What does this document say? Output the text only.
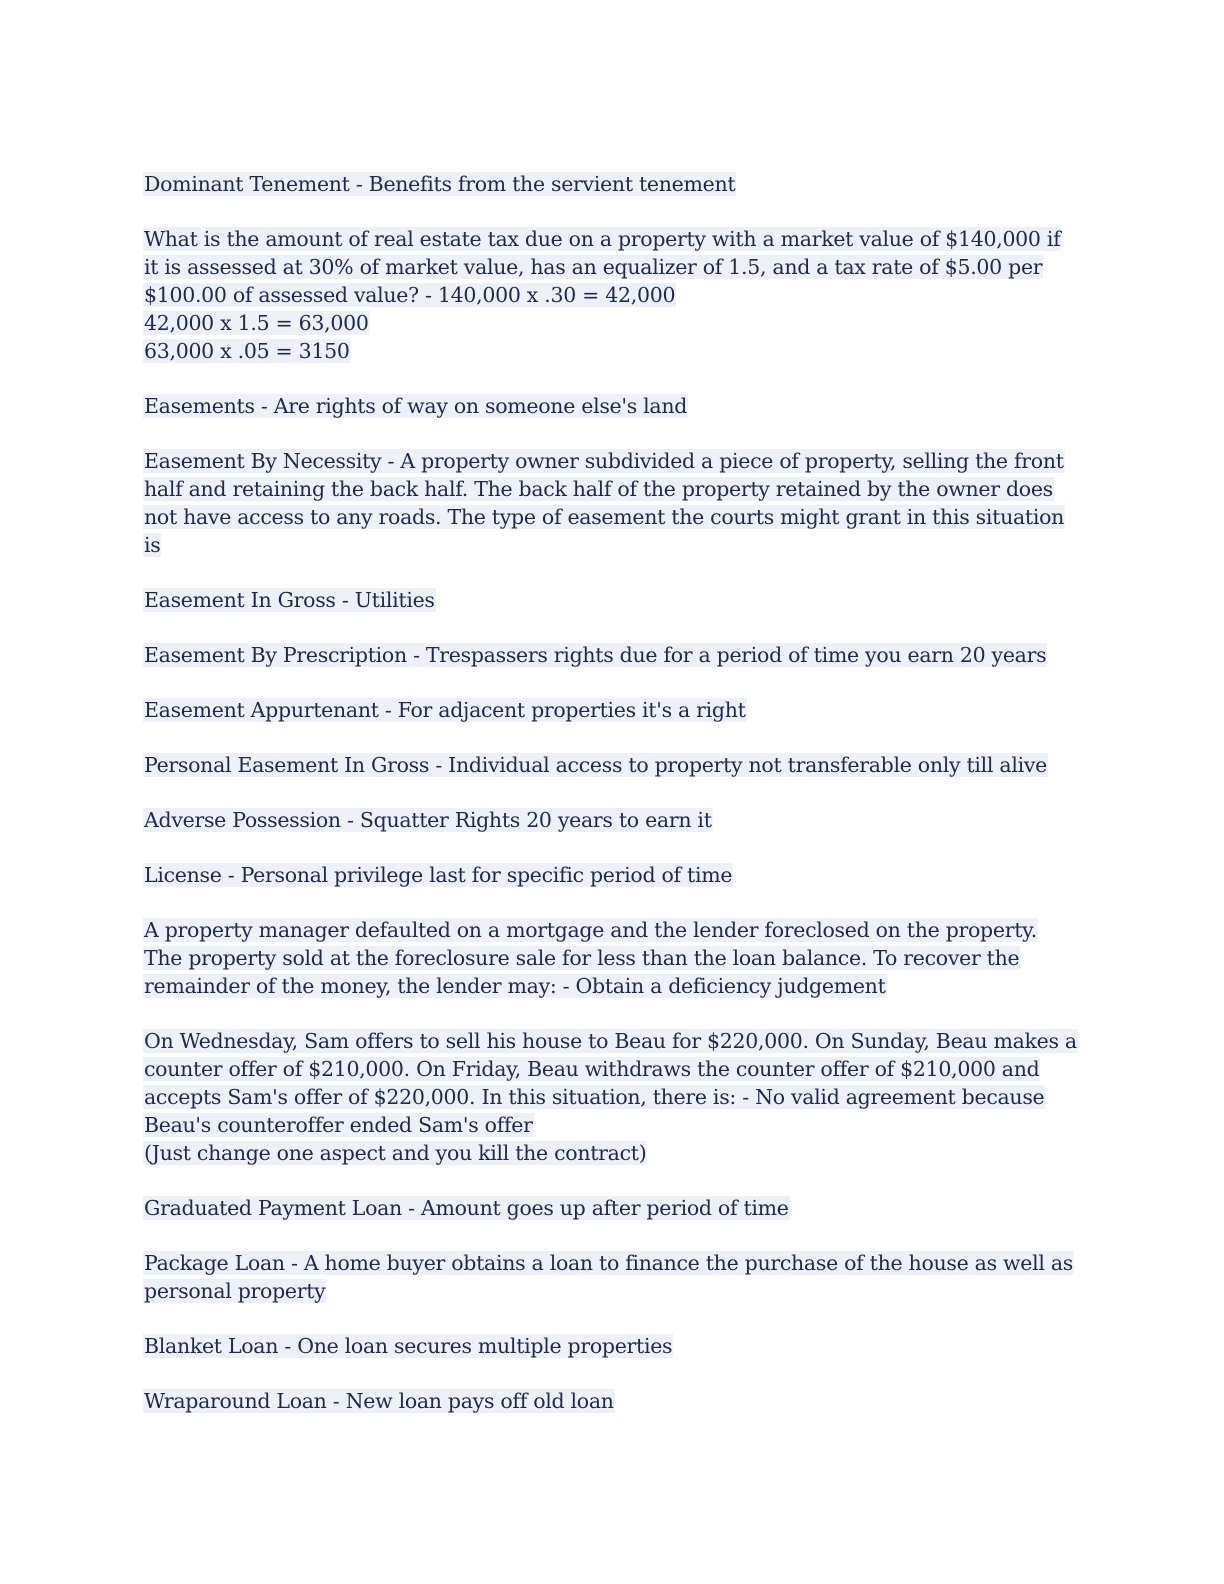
Dominant Tenement - Benefits from the servient tenement
What is the amount of real estate tax due on a property with a market value of $140,000 if
it is assessed at 30% of market value, has an equalizer of 1.5, and a tax rate of $5.00 per
$100.00 of assessed value? - 140,000 x .30 = 42,000
42,000 x 1.5 = 63,000
63,000 x .05 = 3150
Easements - Are rights of way on someone else's land
Easement By Necessity - A property owner subdivided a piece of property, selling the front
half and retaining the back half. The back half of the property retained by the owner does
not have access to any roads. The type of easement the courts might grant in this situation
is
Easement In Gross - Utilities
Easement By Prescription - Trespassers rights due for a period of time you earn 20 years
Easement Appurtenant - For adjacent properties it's a right
Personal Easement In Gross - Individual access to property not transferable only till alive
Adverse Possession - Squatter Rights 20 years to earn it
License - Personal privilege last for specific period of time
A property manager defaulted on a mortgage and the lender foreclosed on the property.
The property sold at the foreclosure sale for less than the loan balance. To recover the
remainder of the money, the lender may: - Obtain a deficiency judgement
On Wednesday, Sam offers to sell his house to Beau for $220,000. On Sunday, Beau makes a
counter offer of $210,000. On Friday, Beau withdraws the counter offer of $210,000 and
accepts Sam's offer of $220,000. In this situation, there is: - No valid agreement because
Beau's counteroffer ended Sam's offer
(Just change one aspect and you kill the contract)
Graduated Payment Loan - Amount goes up after period of time
Package Loan - A home buyer obtains a loan to finance the purchase of the house as well as
personal property
Blanket Loan - One loan secures multiple properties
Wraparound Loan - New loan pays off old loan
